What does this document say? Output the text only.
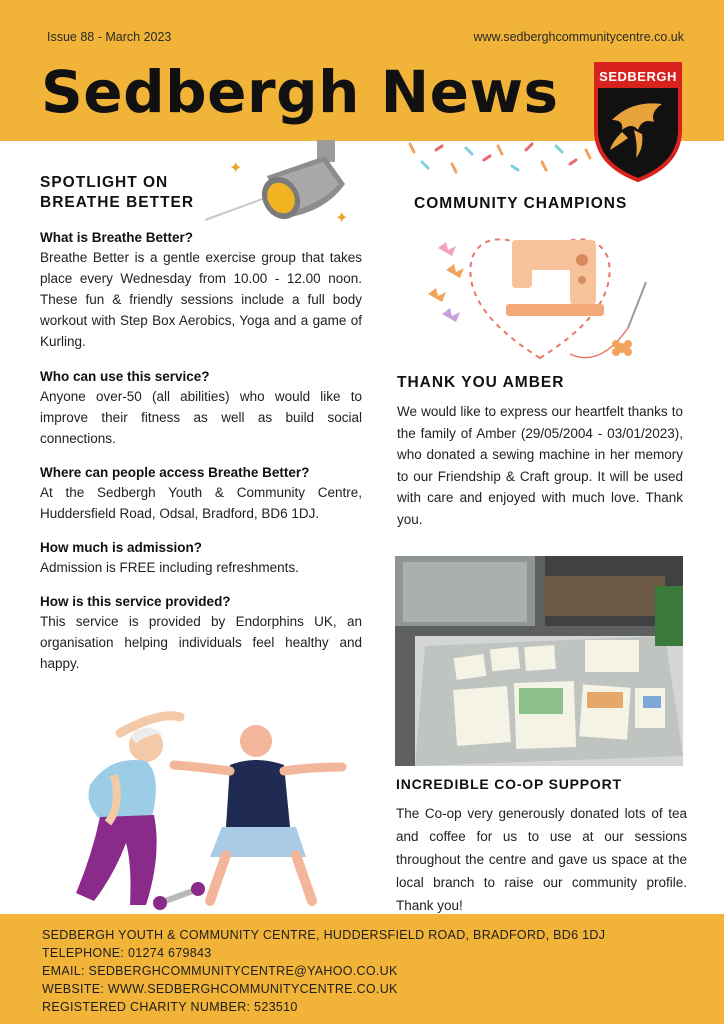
Issue 88 - March 2023	www.sedberghcommunitycentre.co.uk
Sedbergh News	SEDBERGH
✦
✦
SPOTLIGHT ON
BREATHE BETTER
What is Breathe Better?
Breathe Better is a gentle exercise group that takes place every Wednesday from 10.00 - 12.00 noon. These fun & friendly sessions include a full body workout with Step Box Aerobics, Yoga and a game of Kurling.
Who can use this service?
Anyone over-50 (all abilities) who would like to improve their fitness as well as build social connections.
Where can people access Breathe Better?
At the Sedbergh Youth & Community Centre, Huddersfield Road, Odsal, Bradford, BD6 1DJ.
How much is admission?
Admission is FREE including refreshments.
How is this service provided?
This service is provided by Endorphins UK, an organisation helping individuals feel healthy and happy.
COMMUNITY CHAMPIONS
THANK YOU AMBER
We would like to express our heartfelt thanks to the family of Amber (29/05/2004 - 03/01/2023), who donated a sewing machine in her memory to our Friendship & Craft group. It will be used with care and enjoyed with much love. Thank you.
INCREDIBLE CO-OP SUPPORT
The Co-op very generously donated lots of tea and coffee for us to use at our sessions throughout the centre and gave us space at the local branch to raise our community profile. Thank you!
SEDBERGH YOUTH & COMMUNITY CENTRE, HUDDERSFIELD ROAD, BRADFORD, BD6 1DJ
TELEPHONE: 01274 679843
EMAIL: SEDBERGHCOMMUNITYCENTRE@YAHOO.CO.UK
WEBSITE: WWW.SEDBERGHCOMMUNITYCENTRE.CO.UK
REGISTERED CHARITY NUMBER: 523510
